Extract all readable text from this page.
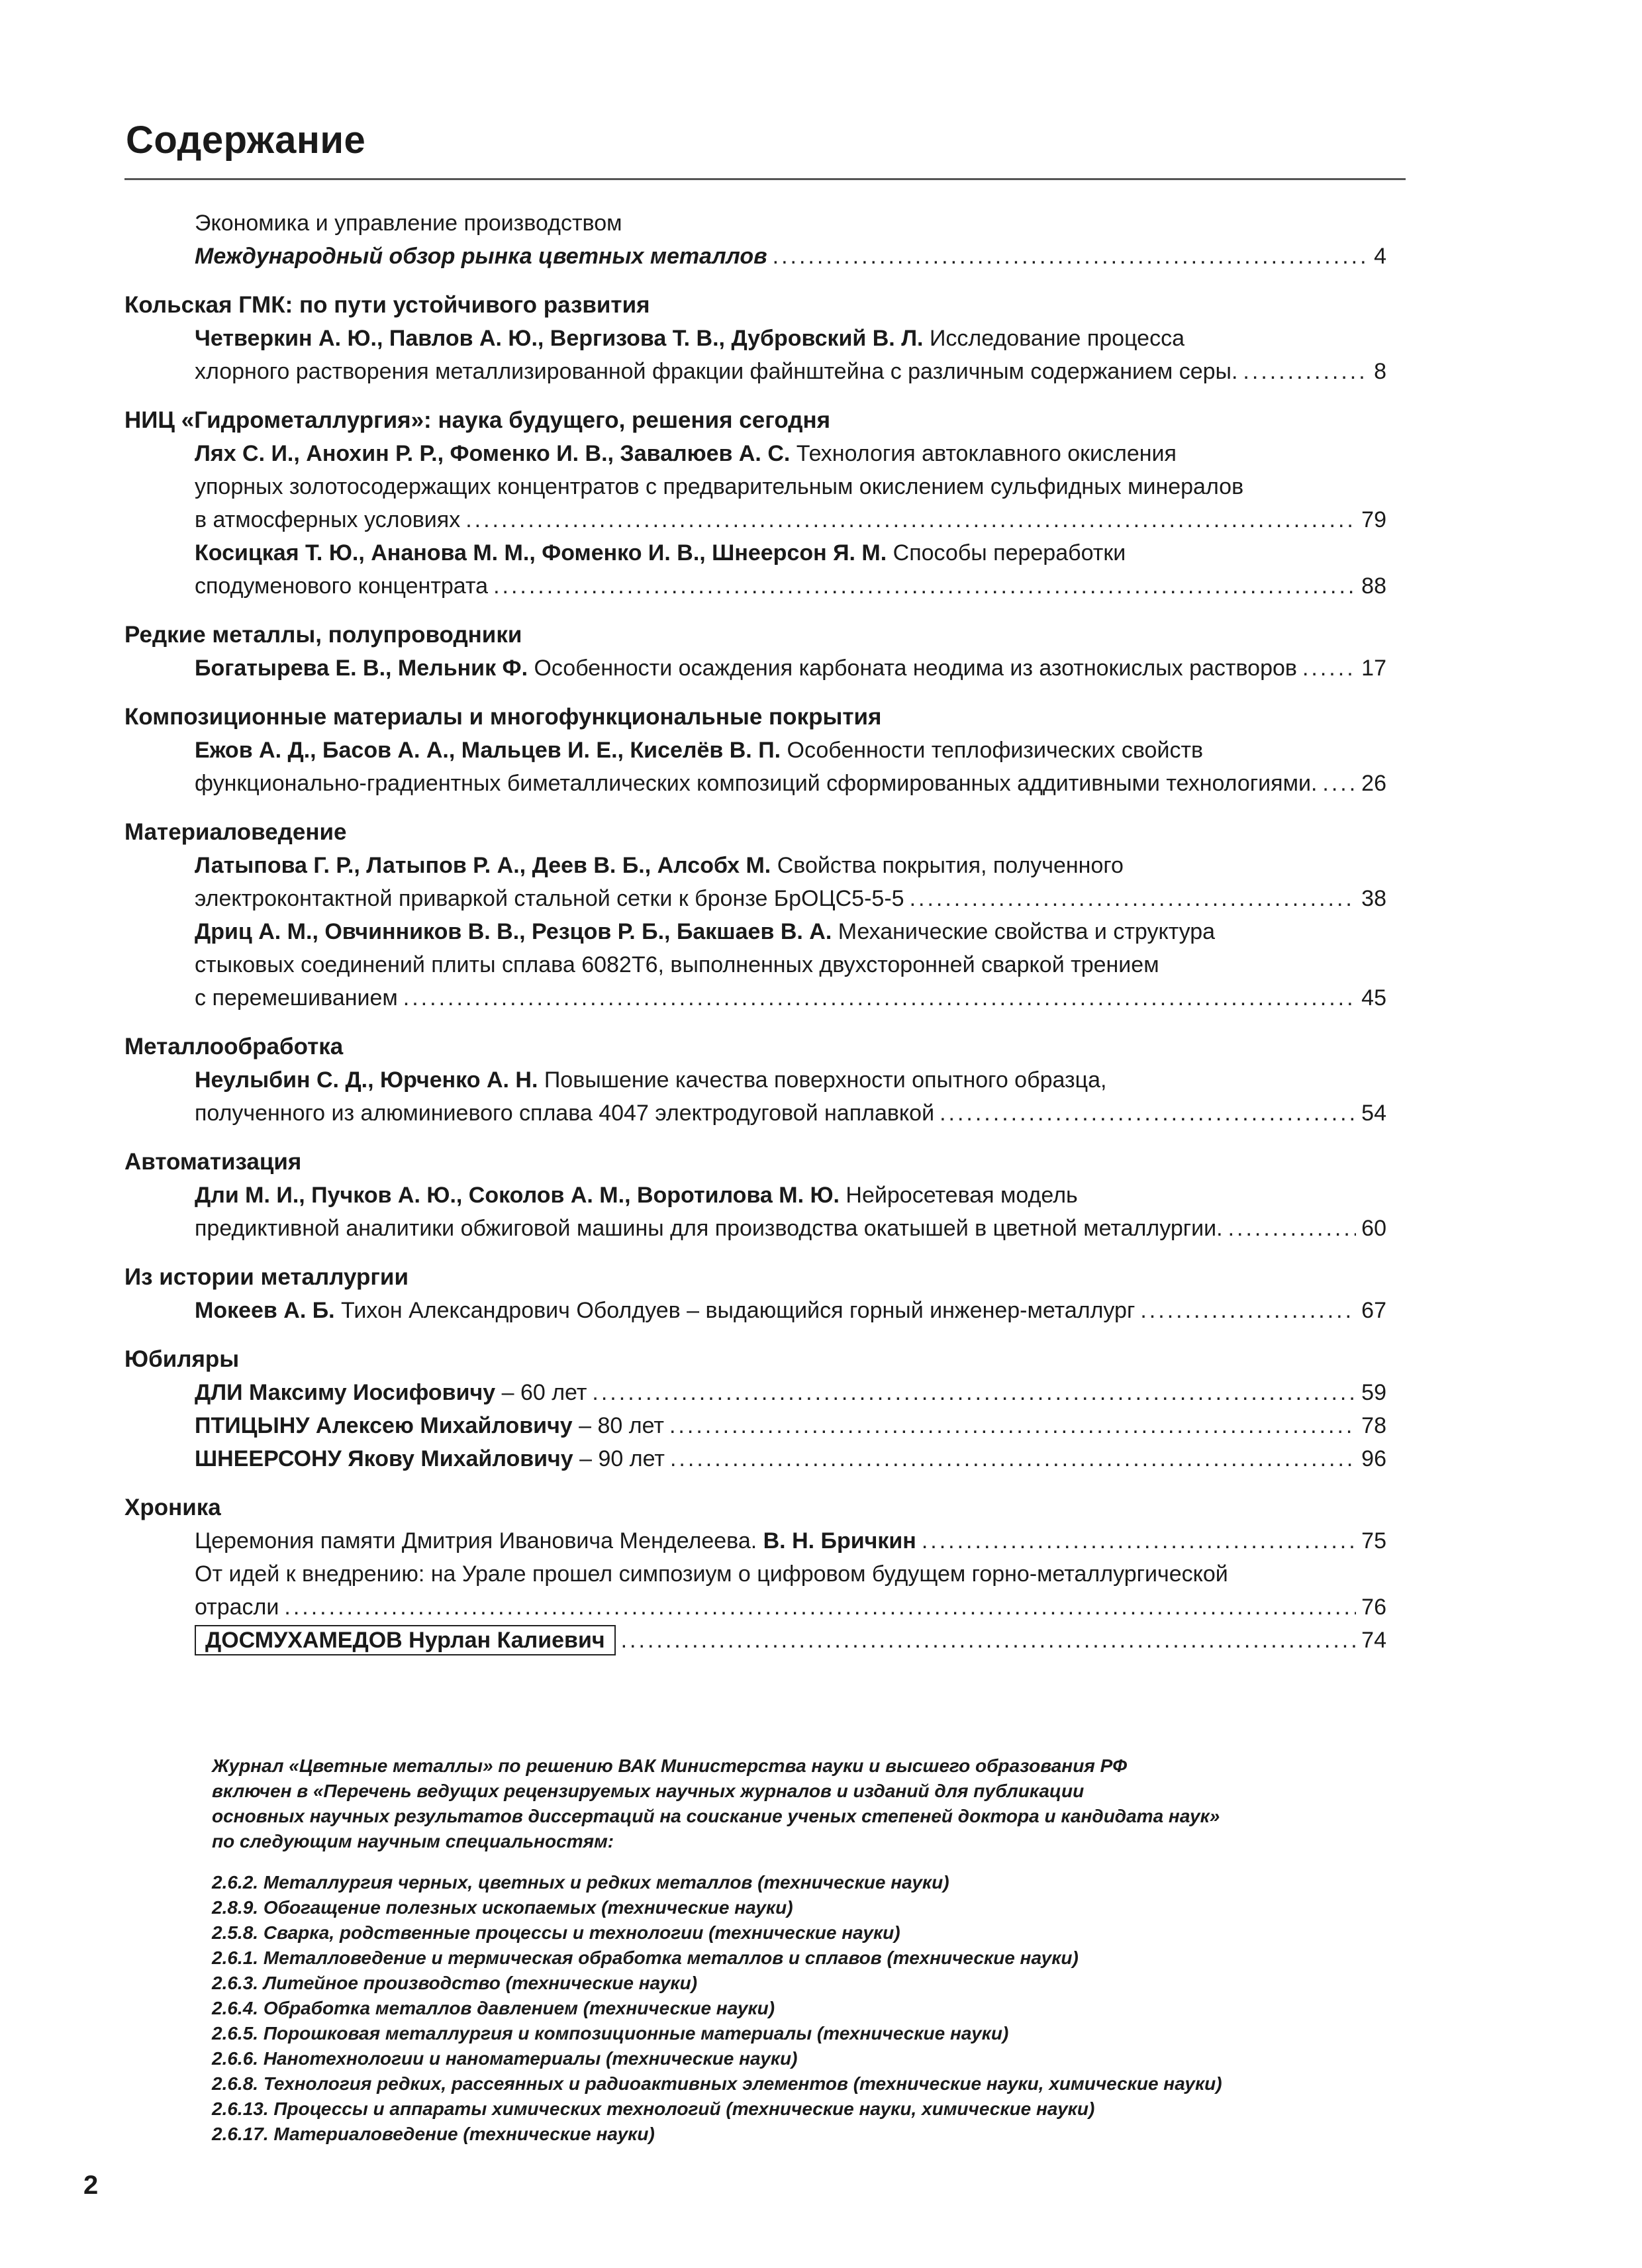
Содержание
Экономика и управление производством
Международный обзор рынка цветных металлов .....	4
Кольская ГМК: по пути устойчивого развития
Четверкин А. Ю., Павлов А. Ю., Вергизова Т. В., Дубровский В. Л. Исследование процесса
хлорного растворения металлизированной фракции файнштейна с различным содержанием серы. .....	8
НИЦ «Гидрометаллургия»: наука будущего, решения сегодня
Лях С. И., Анохин Р. Р., Фоменко И. В., Завалюев А. С. Технология автоклавного окисления
упорных золотосодержащих концентратов с предварительным окислением сульфидных минералов
в атмосферных условиях .....	79
Косицкая Т. Ю., Ананова М. М., Фоменко И. В., Шнеерсон Я. М. Способы переработки
сподуменового концентрата .....	88
Редкие металлы, полупроводники
Богатырева Е. В., Мельник Ф. Особенности осаждения карбоната неодима из азотнокислых растворов .....	17
Композиционные материалы и многофункциональные покрытия
Ежов А. Д., Басов А. А., Мальцев И. Е., Киселёв В. П. Особенности теплофизических свойств
функционально-градиентных биметаллических композиций сформированных аддитивными технологиями. ..... 26
Материаловедение
Латыпова Г. Р., Латыпов Р. А., Деев В. Б., Алсобх М. Свойства покрытия, полученного
электроконтактной приваркой стальной сетки к бронзе БрОЦС5-5-5 .....	38
Дриц А. М., Овчинников В. В., Резцов Р. Б., Бакшаев В. А. Механические свойства и структура
стыковых соединений плиты сплава 6082Т6, выполненных двухсторонней сваркой трением
с перемешиванием .....	45
Металлообработка
Неулыбин С. Д., Юрченко А. Н. Повышение качества поверхности опытного образца,
полученного из алюминиевого сплава 4047 электродуговой наплавкой .....	54
Автоматизация
Дли М. И., Пучков А. Ю., Соколов А. М., Воротилова М. Ю. Нейросетевая модель
предиктивной аналитики обжиговой машины для производства окатышей в цветной металлургии. .....	60
Из истории металлургии
Мокеев А. Б. Тихон Александрович Оболдуев – выдающийся горный инженер-металлург .....	67
Юбиляры
ДЛИ Максиму Иосифовичу – 60 лет .....	59
ПТИЦЫНУ Алексею Михайловичу – 80 лет .....	78
ШНЕЕРСОНУ Якову Михайловичу – 90 лет .....	96
Хроника
Церемония памяти Дмитрия Ивановича Менделеева. В. Н. Бричкин .....	75
От идей к внедрению: на Урале прошел симпозиум о цифровом будущем горно-металлургической
отрасли .....	76
ДОСМУХАМЕДОВ Нурлан Калиевич .....	74
Журнал «Цветные металлы» по решению ВАК Министерства науки и высшего образования РФ
включен в «Перечень ведущих рецензируемых научных журналов и изданий для публикации
основных научных результатов диссертаций на соискание ученых степеней доктора и кандидата наук»
по следующим научным специальностям:
2.6.2. Металлургия черных, цветных и редких металлов (технические науки)
2.8.9. Обогащение полезных ископаемых (технические науки)
2.5.8. Сварка, родственные процессы и технологии (технические науки)
2.6.1. Металловедение и термическая обработка металлов и сплавов (технические науки)
2.6.3. Литейное производство (технические науки)
2.6.4. Обработка металлов давлением (технические науки)
2.6.5. Порошковая металлургия и композиционные материалы (технические науки)
2.6.6. Нанотехнологии и наноматериалы (технические науки)
2.6.8. Технология редких, рассеянных и радиоактивных элементов (технические науки, химические науки)
2.6.13. Процессы и аппараты химических технологий (технические науки, химические науки)
2.6.17. Материаловедение (технические науки)
2
